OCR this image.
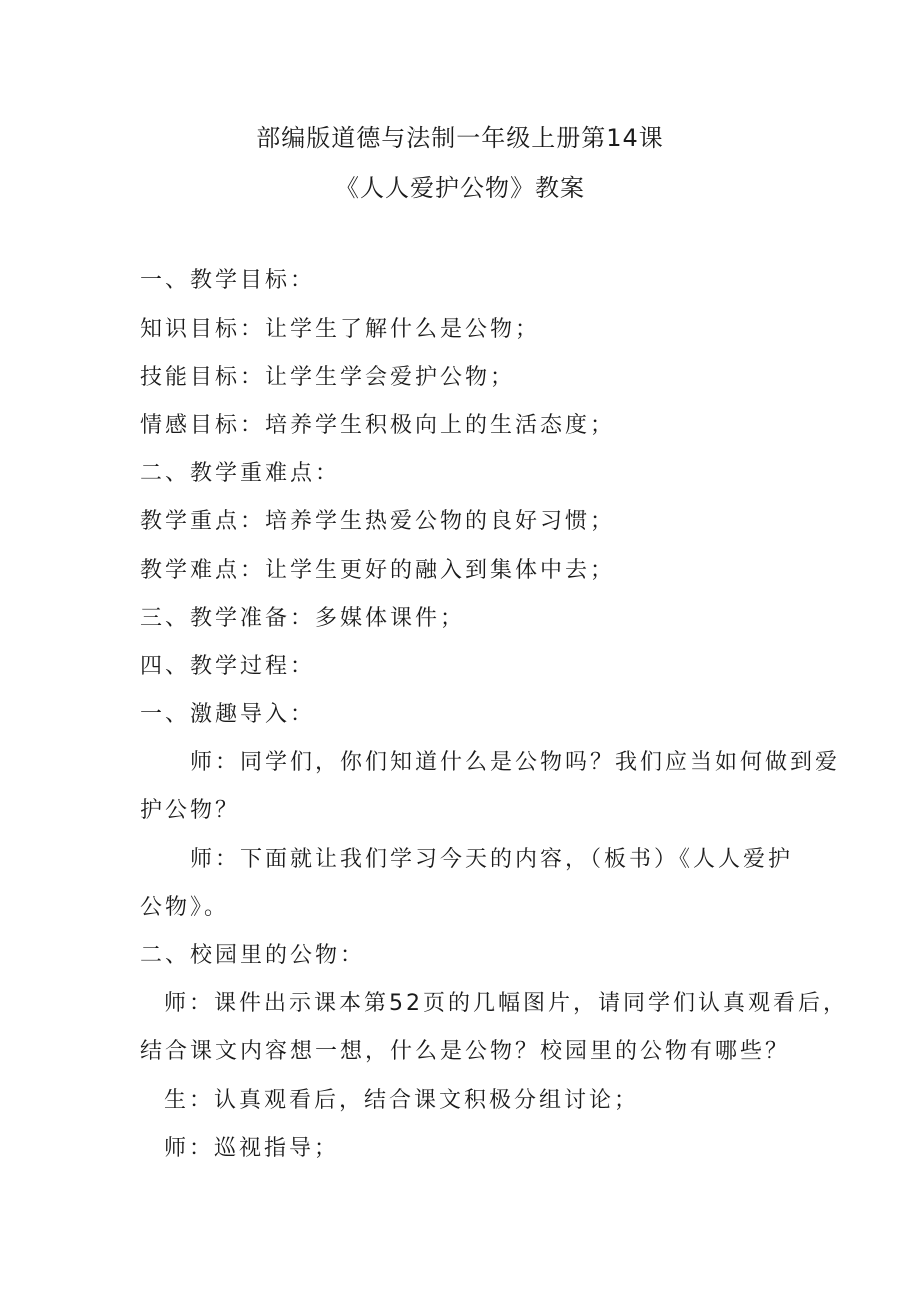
部编版道德与法制一年级上册第14课
《人人爱护公物》教案
一、教学目标：
知识目标：让学生了解什么是公物；
技能目标：让学生学会爱护公物；
情感目标：培养学生积极向上的生活态度；
二、教学重难点：
教学重点：培养学生热爱公物的良好习惯；
教学难点：让学生更好的融入到集体中去；
三、教学准备：多媒体课件；
四、教学过程：
一、激趣导入：
师：同学们，你们知道什么是公物吗？我们应当如何做到爱
护公物？
师：下面就让我们学习今天的内容，（板书）《人人爱护
公物》。
二、校园里的公物：
师：课件出示课本第52页的几幅图片，请同学们认真观看后，
结合课文内容想一想，什么是公物？校园里的公物有哪些？
生：认真观看后，结合课文积极分组讨论；
师：巡视指导；
